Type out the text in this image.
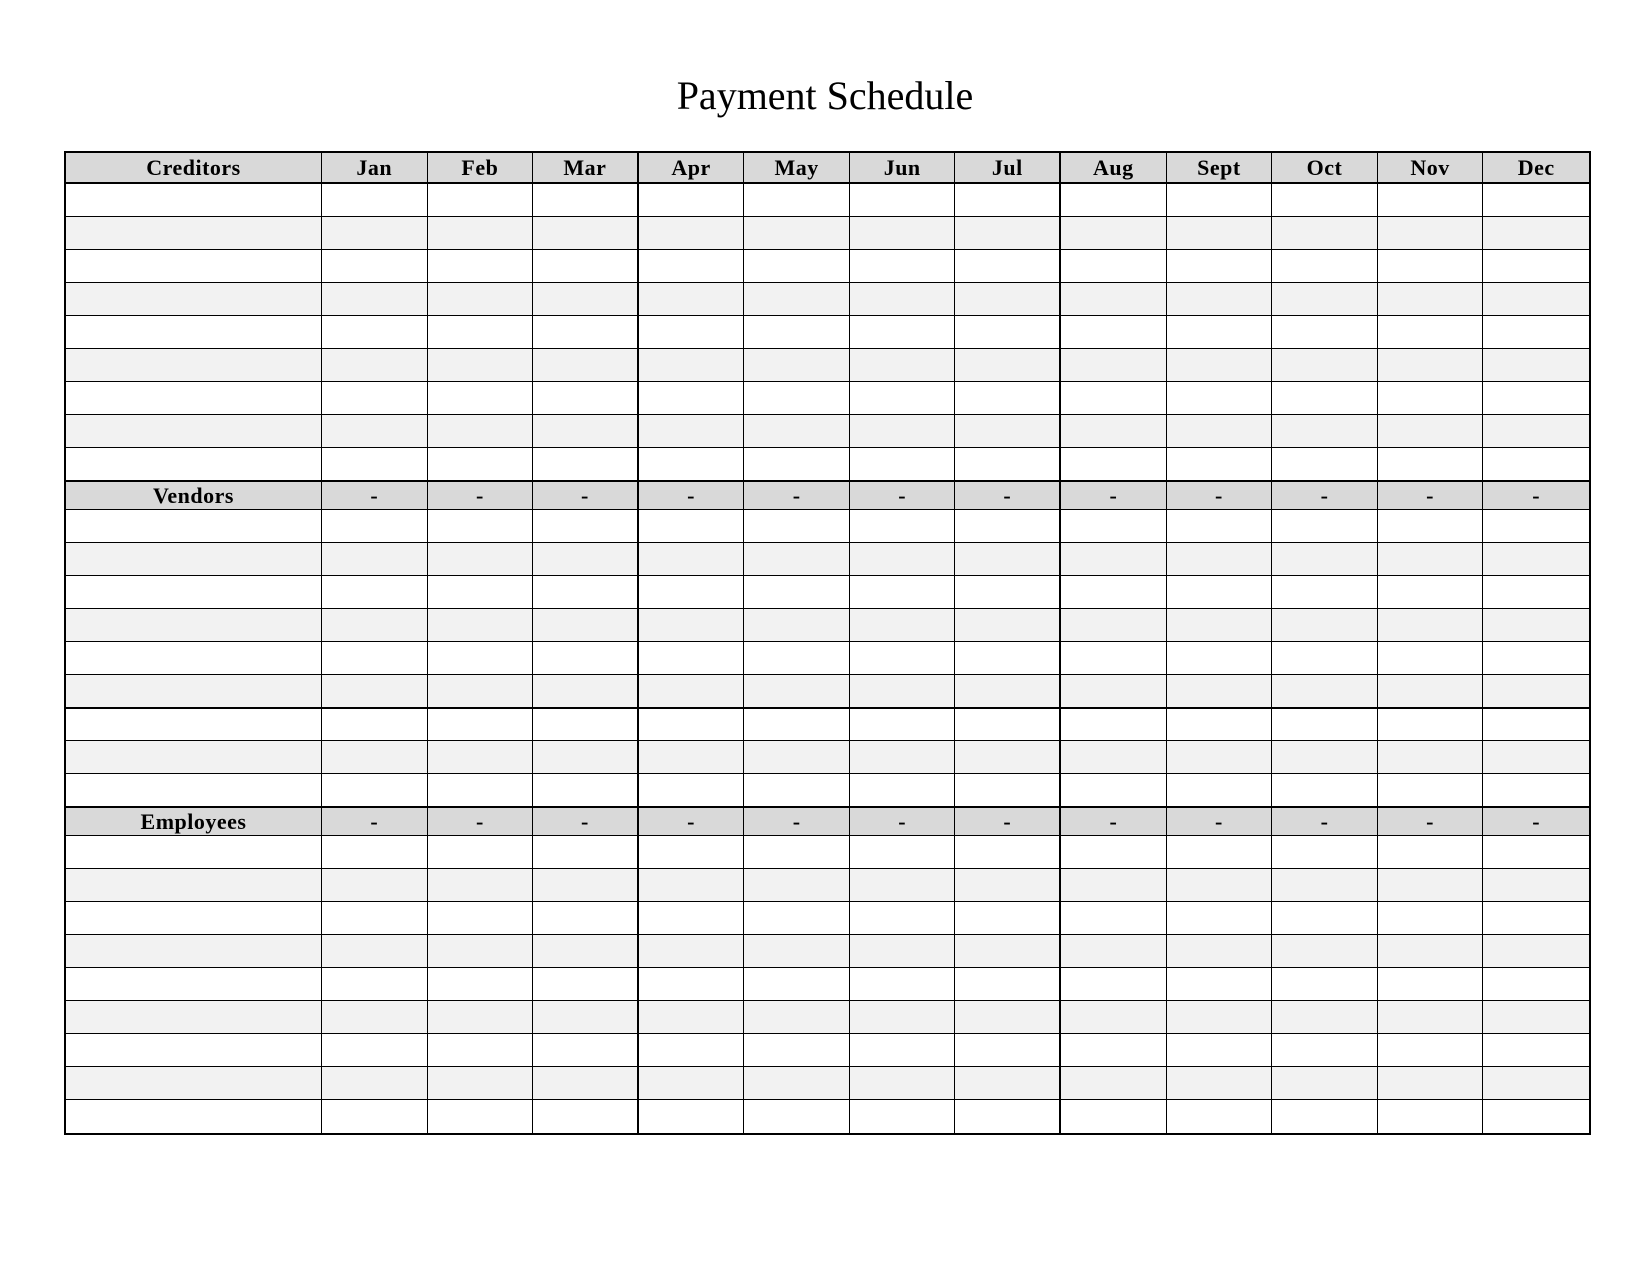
Payment Schedule
Creditors	Jan	Feb	Mar	Apr	May	Jun	Jul	Aug	Sept	Oct	Nov	Dec
Vendors	-	-	-	-	-	-	-	-	-	-	-	-
Employees	-	-	-	-	-	-	-	-	-	-	-	-
